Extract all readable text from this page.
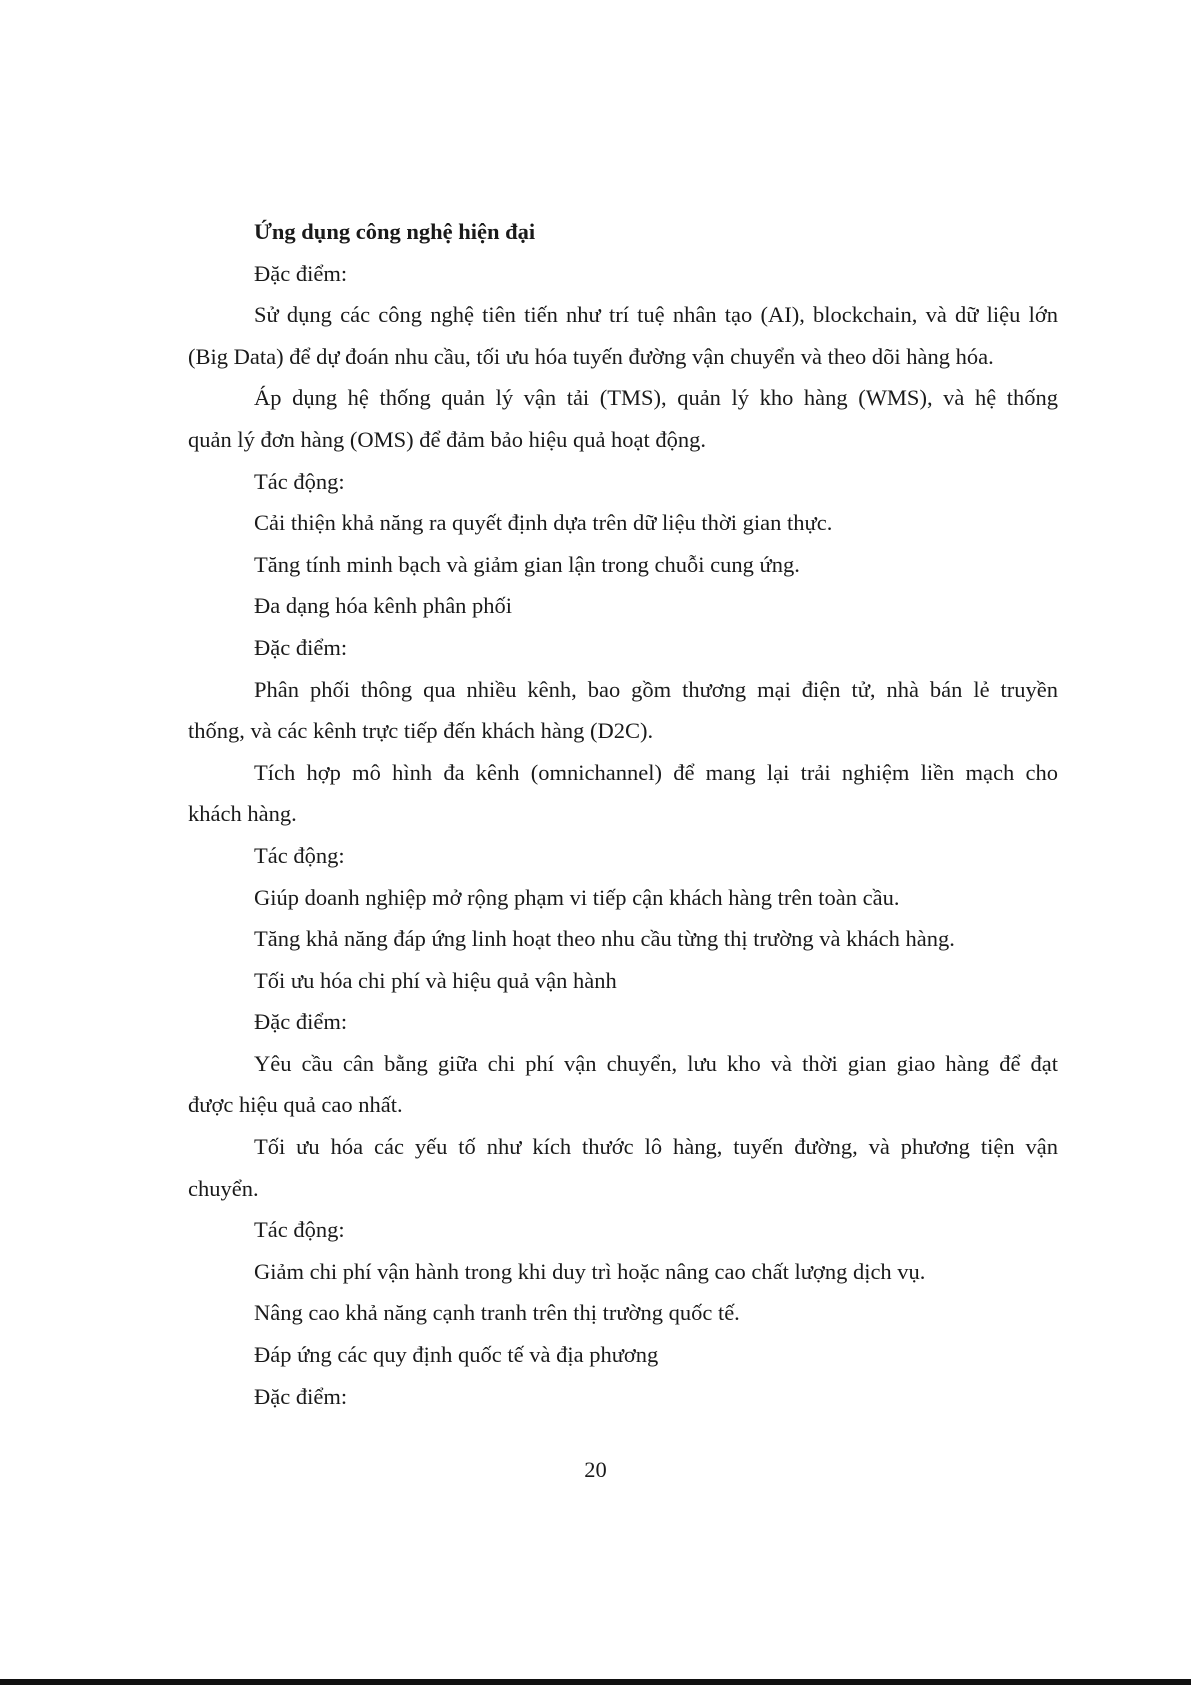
Ứng dụng công nghệ hiện đại

Đặc điểm:

Sử dụng các công nghệ tiên tiến như trí tuệ nhân tạo (AI), blockchain, và dữ liệu lớn

(Big Data) để dự đoán nhu cầu, tối ưu hóa tuyến đường vận chuyển và theo dõi hàng hóa.

Áp dụng hệ thống quản lý vận tải (TMS), quản lý kho hàng (WMS), và hệ thống

quản lý đơn hàng (OMS) để đảm bảo hiệu quả hoạt động.

Tác động:

Cải thiện khả năng ra quyết định dựa trên dữ liệu thời gian thực.

Tăng tính minh bạch và giảm gian lận trong chuỗi cung ứng.

Đa dạng hóa kênh phân phối

Đặc điểm:

Phân phối thông qua nhiều kênh, bao gồm thương mại điện tử, nhà bán lẻ truyền

thống, và các kênh trực tiếp đến khách hàng (D2C).

Tích hợp mô hình đa kênh (omnichannel) để mang lại trải nghiệm liền mạch cho

khách hàng.

Tác động:

Giúp doanh nghiệp mở rộng phạm vi tiếp cận khách hàng trên toàn cầu.

Tăng khả năng đáp ứng linh hoạt theo nhu cầu từng thị trường và khách hàng.

Tối ưu hóa chi phí và hiệu quả vận hành

Đặc điểm:

Yêu cầu cân bằng giữa chi phí vận chuyển, lưu kho và thời gian giao hàng để đạt

được hiệu quả cao nhất.

Tối ưu hóa các yếu tố như kích thước lô hàng, tuyến đường, và phương tiện vận

chuyển.

Tác động:

Giảm chi phí vận hành trong khi duy trì hoặc nâng cao chất lượng dịch vụ.

Nâng cao khả năng cạnh tranh trên thị trường quốc tế.

Đáp ứng các quy định quốc tế và địa phương

Đặc điểm:

20
